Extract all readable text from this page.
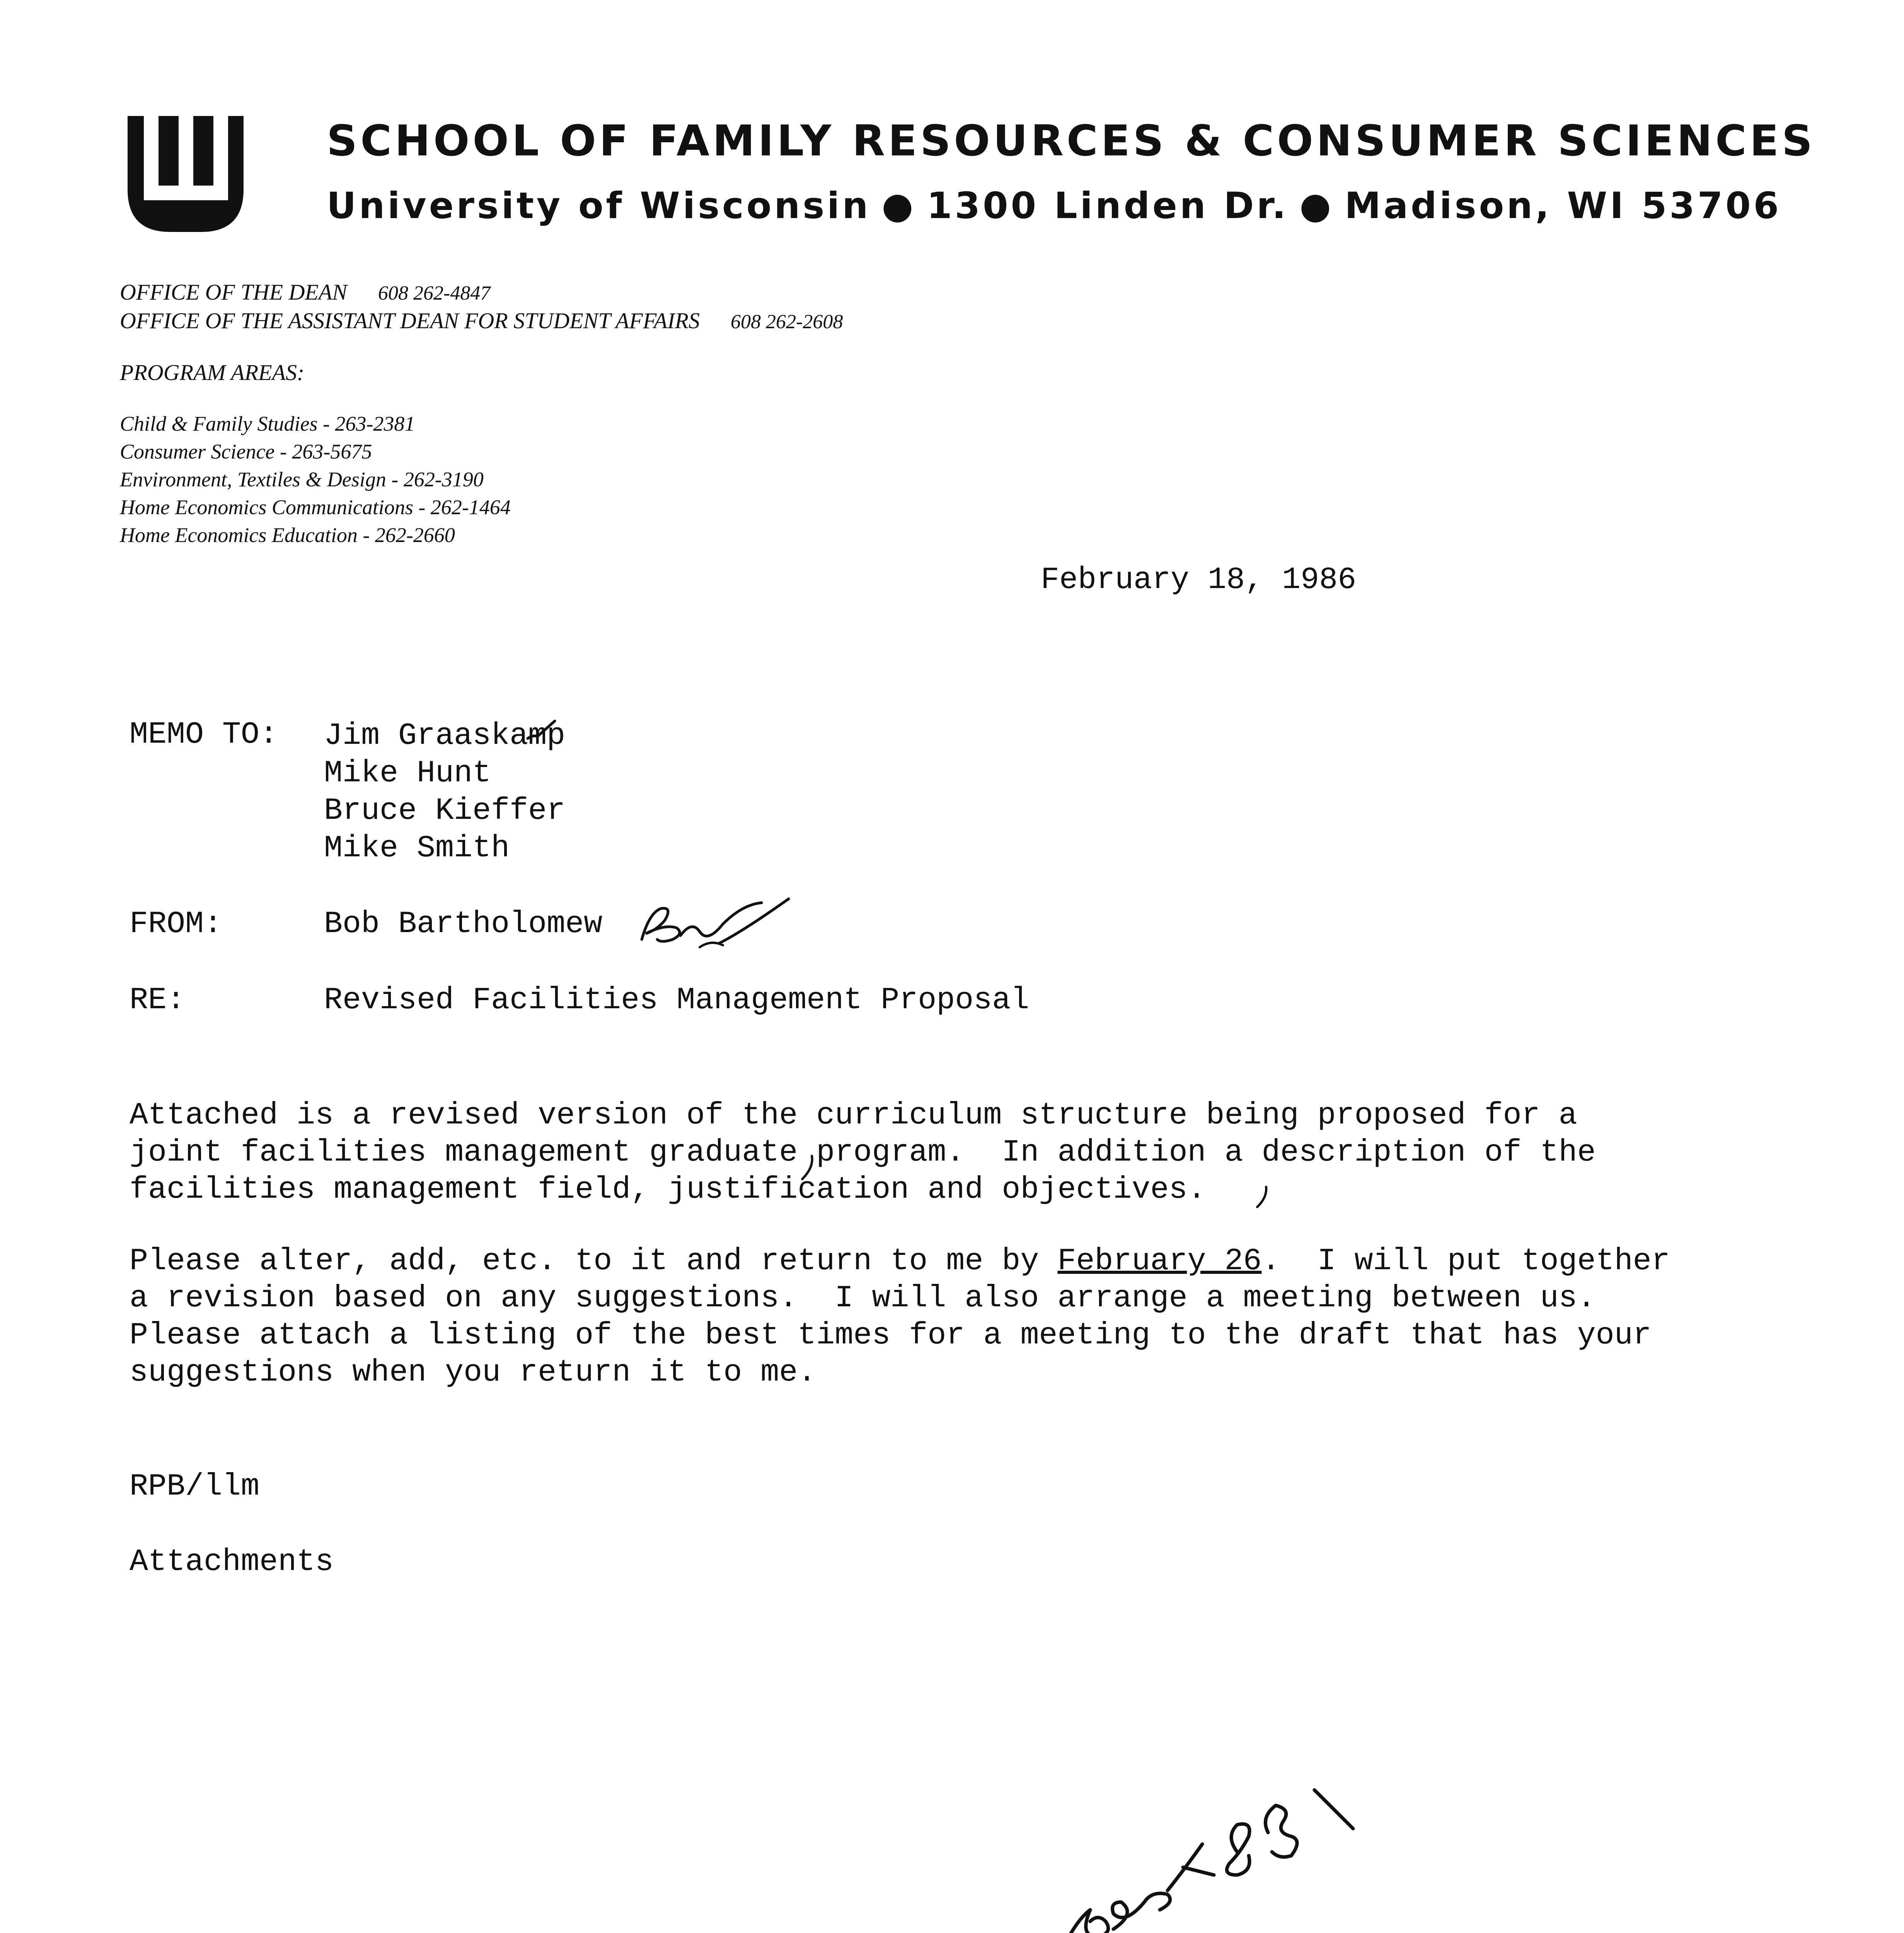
SCHOOL OF FAMILY RESOURCES & CONSUMER SCIENCES
University of Wisconsin ● 1300 Linden Dr. ● Madison, WI 53706
OFFICE OF THE DEAN 608 262-4847
OFFICE OF THE ASSISTANT DEAN FOR STUDENT AFFAIRS 608 262-2608
PROGRAM AREAS:
Child & Family Studies - 263-2381
Consumer Science - 263-5675
Environment, Textiles & Design - 262-3190
Home Economics Communications - 262-1464
Home Economics Education - 262-2660
February 18, 1986
MEMO TO: Jim Graaskamp
Mike Hunt
Bruce Kieffer
Mike Smith
FROM:	Bob Bartholomew
RE:	Revised Facilities Management Proposal
Attached is a revised version of the curriculum structure being proposed for a
joint facilities management graduate program.  In addition a description of the
facilities management field, justification and objectives.
Please alter, add, etc. to it and return to me by February 26.  I will put together
a revision based on any suggestions.  I will also arrange a meeting between us.
Please attach a listing of the best times for a meeting to the draft that has your
suggestions when you return it to me.
RPB/llm
Attachments
